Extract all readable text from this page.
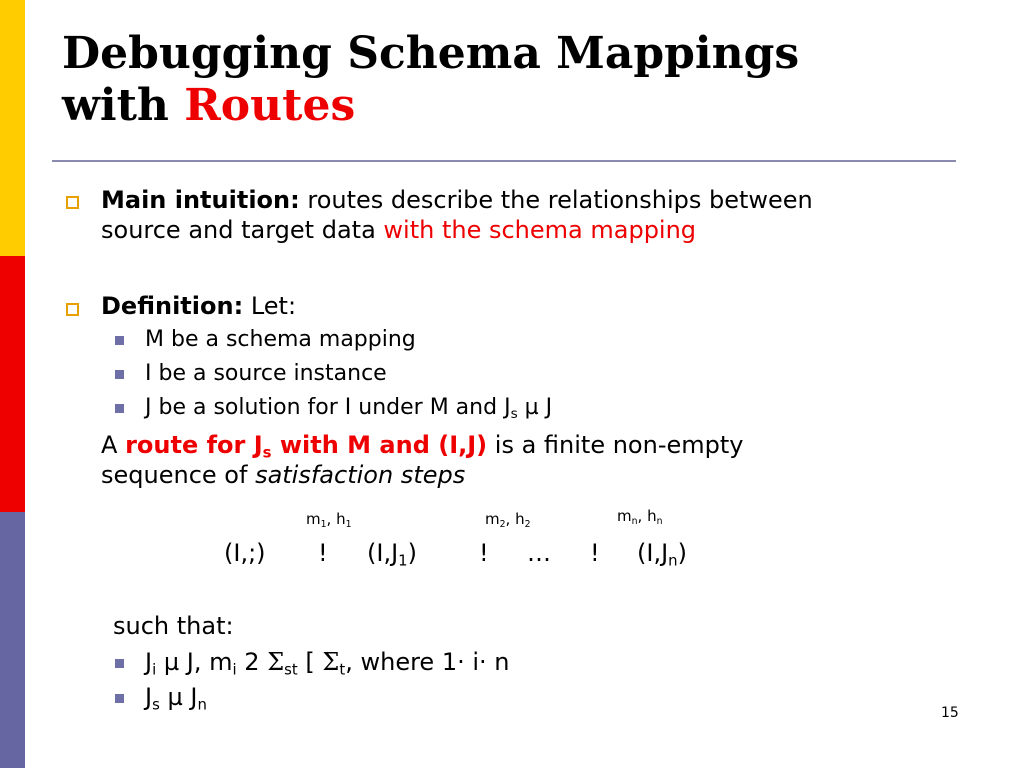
Debugging Schema Mappings
with Routes
Main intuition: routes describe the relationships between
source and target data with the schema mapping
Definition: Let:
M be a schema mapping
I be a source instance
J be a solution for I under M and $J_s$ µ J
A route for $J_s$ with M and (I,J) is a finite non-empty
sequence of satisfaction steps
$m_1$, $h_1$	$m_2$, $h_2$	$m_n$, $h_n$
(I,;) ! $(I,J_1)$	! … ! $(I,J_n)$
such that:
$J_i$ µ J, $m_i$ 2 $\Sigma_{st}$ [ $\Sigma_t$, where 1· i· n
$J_s$ µ $J_n$	15
